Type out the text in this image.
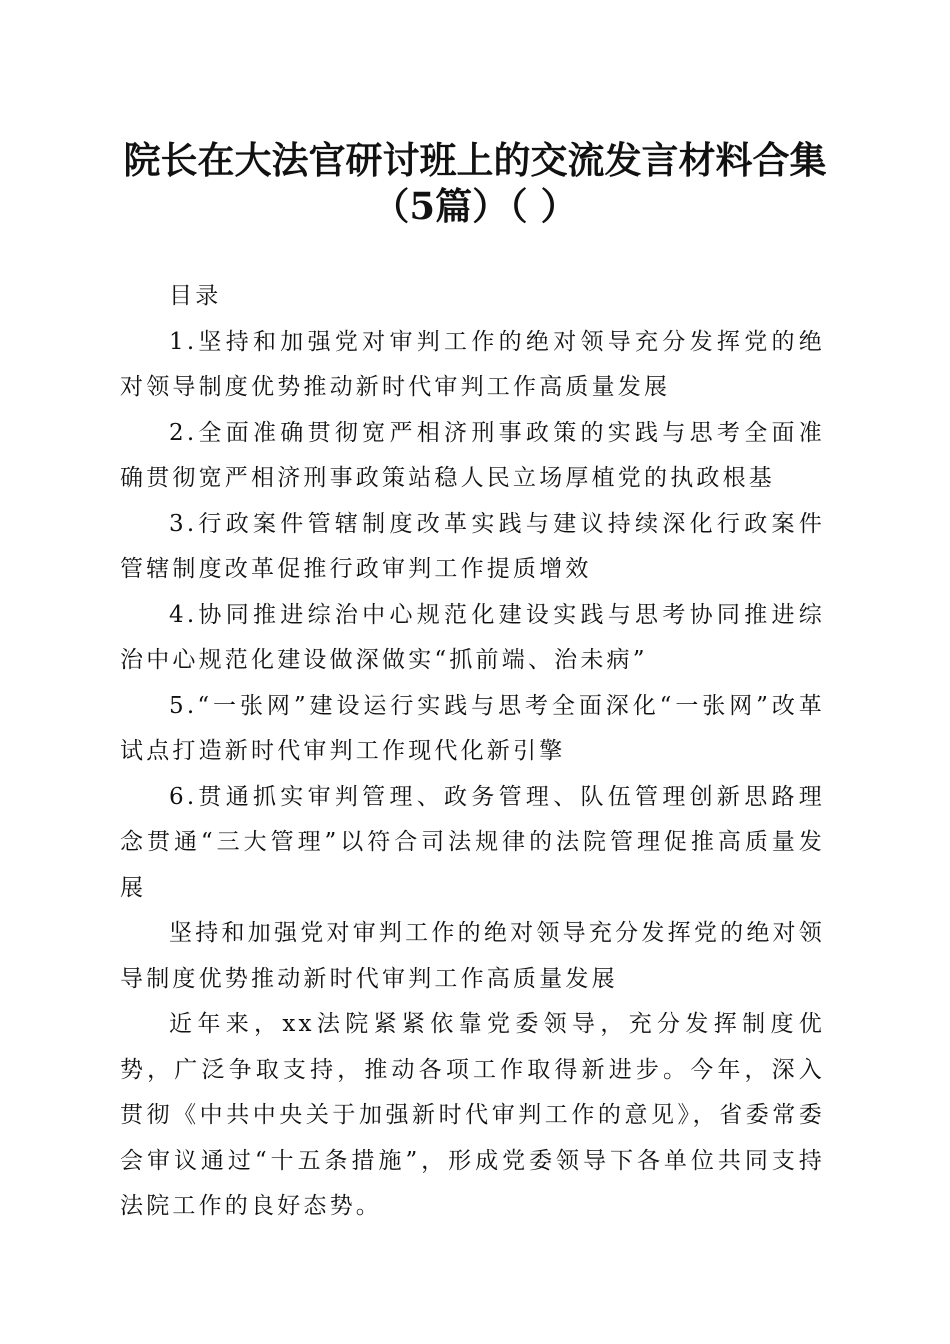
院长在大法官研讨班上的交流发言材料合集
（5篇）（ ）

目录

1.坚持和加强党对审判工作的绝对领导充分发挥党的绝对领导制度优势推动新时代审判工作高质量发展

2.全面准确贯彻宽严相济刑事政策的实践与思考全面准确贯彻宽严相济刑事政策站稳人民立场厚植党的执政根基

3.行政案件管辖制度改革实践与建议持续深化行政案件管辖制度改革促推行政审判工作提质增效

4.协同推进综治中心规范化建设实践与思考协同推进综治中心规范化建设做深做实“抓前端、治未病”

5.“一张网”建设运行实践与思考全面深化“一张网”改革试点打造新时代审判工作现代化新引擎

6.贯通抓实审判管理、政务管理、队伍管理创新思路理念贯通“三大管理”以符合司法规律的法院管理促推高质量发展

坚持和加强党对审判工作的绝对领导充分发挥党的绝对领导制度优势推动新时代审判工作高质量发展

近年来，xx法院紧紧依靠党委领导，充分发挥制度优势，广泛争取支持，推动各项工作取得新进步。今年，深入贯彻《中共中央关于加强新时代审判工作的意见》，省委常委会审议通过“十五条措施”，形成党委领导下各单位共同支持法院工作的良好态势。
